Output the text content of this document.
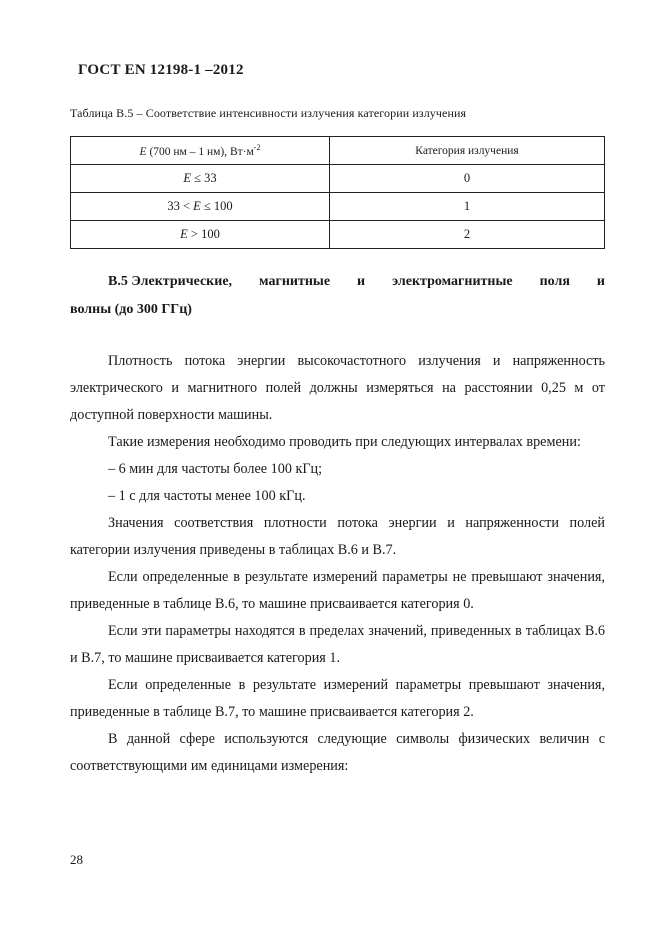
ГОСТ EN 12198-1 –2012
Таблица В.5 – Соответствие интенсивности излучения категории излучения
E (700 нм – 1 нм), $Вт\cdot м^{-2}$	Категория излучения
E ≤ 33	0
33 < E ≤ 100	1
E > 100	2
В.5 Электрические, магнитные и электромагнитные поля и
волны (до 300 ГГц)

Плотность потока энергии высокочастотного излучения и напряженность электрического и магнитного полей должны измеряться на расстоянии 0,25 м от доступной поверхности машины.

Такие измерения необходимо проводить при следующих интервалах времени:

– 6 мин для частоты более 100 кГц;

– 1 с для частоты менее 100 кГц.

Значения соответствия плотности потока энергии и напряженности полей категории излучения приведены в таблицах В.6 и В.7.

Если определенные в результате измерений параметры не превышают значения, приведенные в таблице В.6, то машине присваивается категория 0.

Если эти параметры находятся в пределах значений, приведенных в таблицах В.6 и В.7, то машине присваивается категория 1.

Если определенные в результате измерений параметры превышают значения, приведенные в таблице В.7, то машине присваивается категория 2.

В данной сфере используются следующие символы физических величин с соответствующими им единицами измерения:

28
